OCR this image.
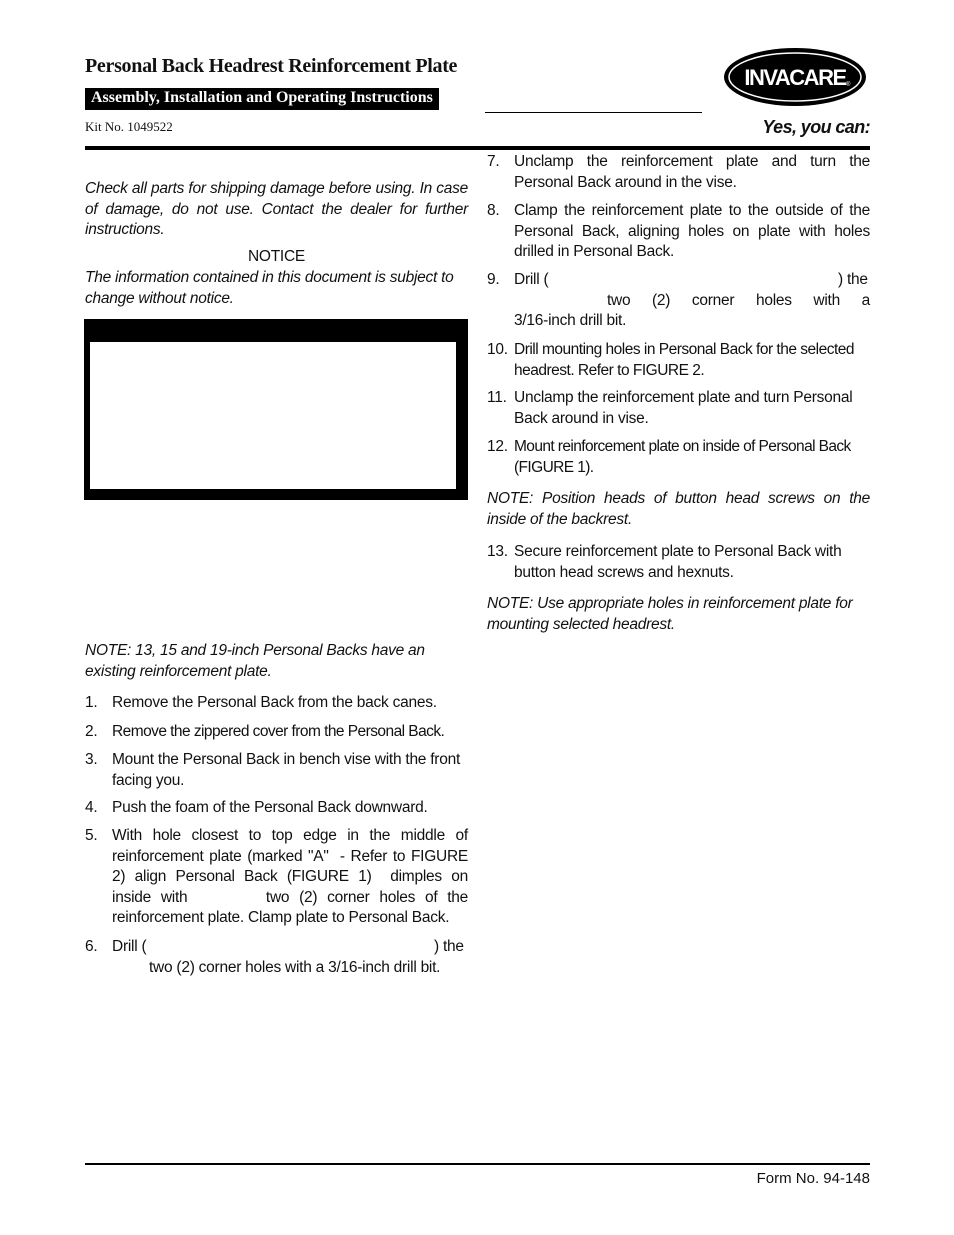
Personal Back Headrest Reinforcement Plate
Assembly, Installation and Operating Instructions
Kit No. 1049522
INVACARE ®
Yes, you can:
Check all parts for shipping damage before using. In case of damage, do not use. Contact the dealer for further instructions.
NOTICE
The information contained in this document is subject to change without notice.
NOTE: 13, 15 and 19-inch Personal Backs have an existing reinforcement plate.
1. Remove the Personal Back from the back canes.
2. Remove the zippered cover from the Personal Back.
3. Mount the Personal Back in bench vise with the front facing you.
4. Push the foam of the Personal Back downward.
5. With hole closest to top edge in the middle of reinforcement plate (marked "A"  - Refer to FIGURE 2) align Personal Back (FIGURE 1)  dimples on inside with        two (2) corner holes of the reinforcement plate. Clamp plate to Personal Back.
6. Drill (	) the
two (2) corner holes with a 3/16-inch drill bit.
7. Unclamp the reinforcement plate and turn the Personal Back around in the vise.
8. Clamp the reinforcement plate to the outside of the Personal Back, aligning holes on plate with holes drilled in Personal Back.
9. Drill (	) the
two  (2)  corner  holes  with  a
3/16-inch drill bit.
10. Drill mounting holes in Personal Back for the selected headrest. Refer to FIGURE 2.
11. Unclamp the reinforcement plate and turn Personal Back around in vise.
12. Mount reinforcement plate on inside of Personal Back (FIGURE 1).
NOTE: Position heads of button head screws on the inside of the backrest.
13. Secure reinforcement plate to Personal Back with button head screws and hexnuts.
NOTE: Use appropriate holes in reinforcement plate for mounting selected headrest.
Form No. 94-148
